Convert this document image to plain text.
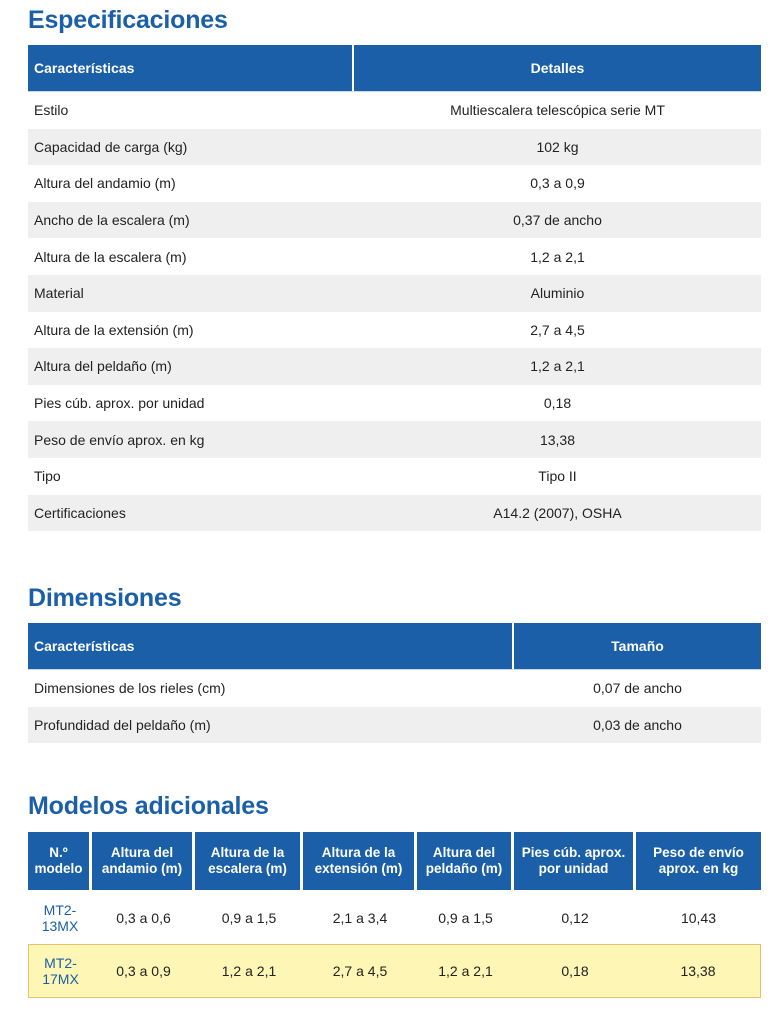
Especificaciones
Características	Detalles
Estilo	Multiescalera telescópica serie MT
Capacidad de carga (kg)	102 kg
Altura del andamio (m)	0,3 a 0,9
Ancho de la escalera (m)	0,37 de ancho
Altura de la escalera (m)	1,2 a 2,1
Material	Aluminio
Altura de la extensión (m)	2,7 a 4,5
Altura del peldaño (m)	1,2 a 2,1
Pies cúb. aprox. por unidad	0,18
Peso de envío aprox. en kg	13,38
Tipo	Tipo II
Certificaciones	A14.2 (2007), OSHA
Dimensiones
Características	Tamaño
Dimensiones de los rieles (cm)	0,07 de ancho
Profundidad del peldaño (m)	0,03 de ancho
Modelos adicionales
N.º modelo	Altura del andamio (m)	Altura de la escalera (m)	Altura de la extensión (m)	Altura del peldaño (m)	Pies cúb. aprox. por unidad	Peso de envío aprox. en kg
MT2-13MX	0,3 a 0,6	0,9 a 1,5	2,1 a 3,4	0,9 a 1,5	0,12	10,43
MT2-17MX	0,3 a 0,9	1,2 a 2,1	2,7 a 4,5	1,2 a 2,1	0,18	13,38
